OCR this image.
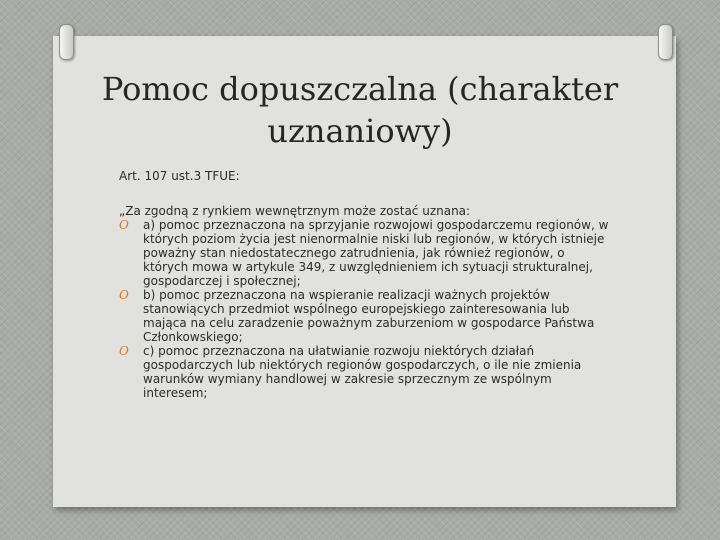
Pomoc dopuszczalna (charakter uznaniowy)

Art. 107 ust.3 TFUE:

„Za zgodną z rynkiem wewnętrznym może zostać uznana:

O a) pomoc przeznaczona na sprzyjanie rozwojowi gospodarczemu regionów, w których poziom życia jest nienormalnie niski lub regionów, w których istnieje poważny stan niedostatecznego zatrudnienia, jak również regionów, o których mowa w artykule 349, z uwzględnieniem ich sytuacji strukturalnej, gospodarczej i społecznej;
O b) pomoc przeznaczona na wspieranie realizacji ważnych projektów stanowiących przedmiot wspólnego europejskiego zainteresowania lub mająca na celu zaradzenie poważnym zaburzeniom w gospodarce Państwa Członkowskiego;
O c) pomoc przeznaczona na ułatwianie rozwoju niektórych działań gospodarczych lub niektórych regionów gospodarczych, o ile nie zmienia warunków wymiany handlowej w zakresie sprzecznym ze wspólnym interesem;
